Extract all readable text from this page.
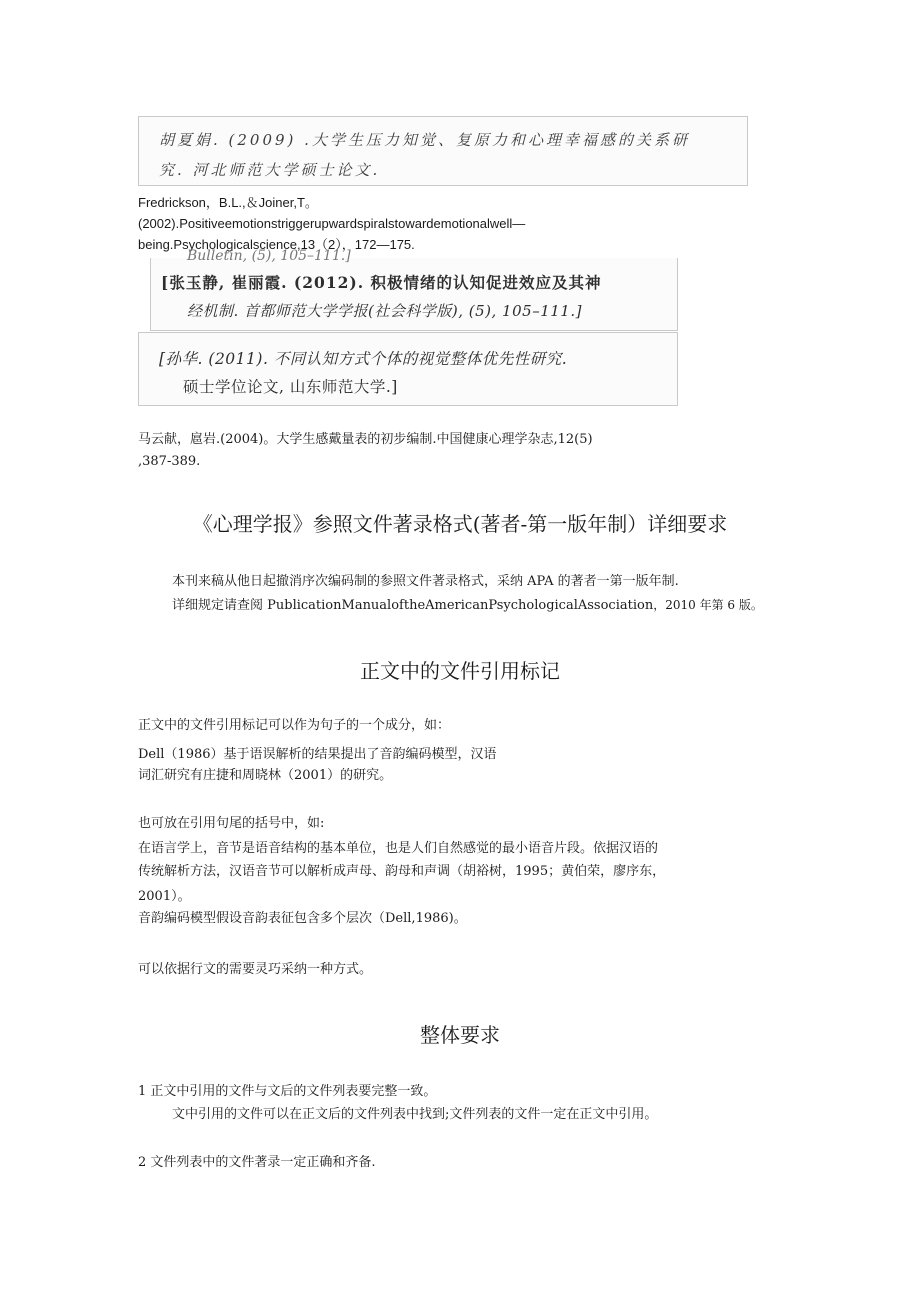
胡夏娟. (2009) .大学生压力知觉、复原力和心理幸福感的关系研
究. 河北师范大学硕士论文.
Fredrickson，B.L.,＆Joiner,T。
(2002).Positiveemotionstriggerupwardspiralstowardemotionalwell—
being.Psychologicalscience,13（2），172—175.
Bulletin, (5), 105–111.]
[张玉静, 崔丽霞. (2012). 积极情绪的认知促进效应及其神
经机制. 首都师范大学学报(社会科学版), (5), 105–111.]
[孙华. (2011). 不同认知方式个体的视觉整体优先性研究.
硕士学位论文, 山东师范大学.]
马云献，扈岩.(2004)。大学生感戴量表的初步编制.中国健康心理学杂志,12(5)
,387-389.
《心理学报》参照文件著录格式(著者-第一版年制）详细要求
本刊来稿从他日起撤消序次编码制的参照文件著录格式，采纳 APA 的著者一第一版年制.
详细规定请查阅 PublicationManualoftheAmericanPsychologicalAssociation，2010 年第 6 版。
正文中的文件引用标记
正文中的文件引用标记可以作为句子的一个成分，如：
Dell（1986）基于语误解析的结果提出了音韵编码模型，汉语
词汇研究有庄捷和周晓林（2001）的研究。
也可放在引用句尾的括号中，如:
在语言学上，音节是语音结构的基本单位，也是人们自然感觉的最小语音片段。依据汉语的
传统解析方法，汉语音节可以解析成声母、韵母和声调（胡裕树，1995；黄伯荣，廖序东，
2001）。
音韵编码模型假设音韵表征包含多个层次（Dell,1986)。
可以依据行文的需要灵巧采纳一种方式。
整体要求
1 正文中引用的文件与文后的文件列表要完整一致。
文中引用的文件可以在正文后的文件列表中找到;文件列表的文件一定在正文中引用。
2 文件列表中的文件著录一定正确和齐备.
